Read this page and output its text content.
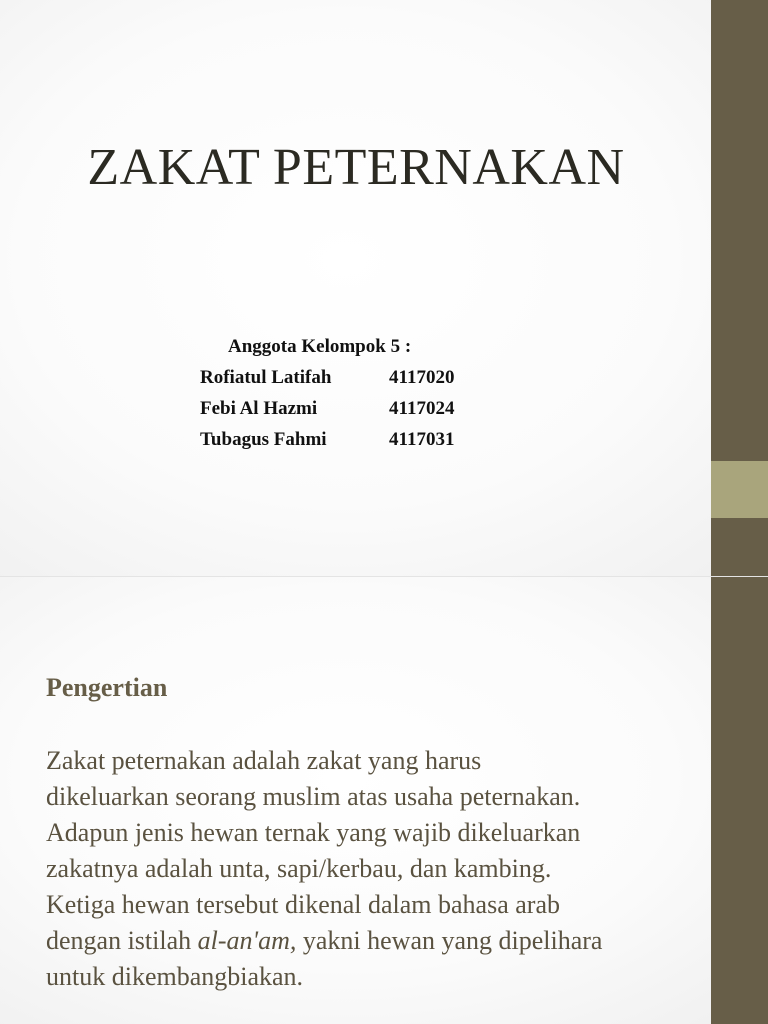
ZAKAT PETERNAKAN
Anggota Kelompok 5 :
Rofiatul Latifah	4117020
Febi Al Hazmi	4117024
Tubagus Fahmi	4117031
Pengertian
Zakat peternakan adalah zakat yang harus
dikeluarkan seorang muslim atas usaha peternakan.
Adapun jenis hewan ternak yang wajib dikeluarkan
zakatnya adalah unta, sapi/kerbau, dan kambing.
Ketiga hewan tersebut dikenal dalam bahasa arab
dengan istilah al-an'am, yakni hewan yang dipelihara
untuk dikembangbiakan.
